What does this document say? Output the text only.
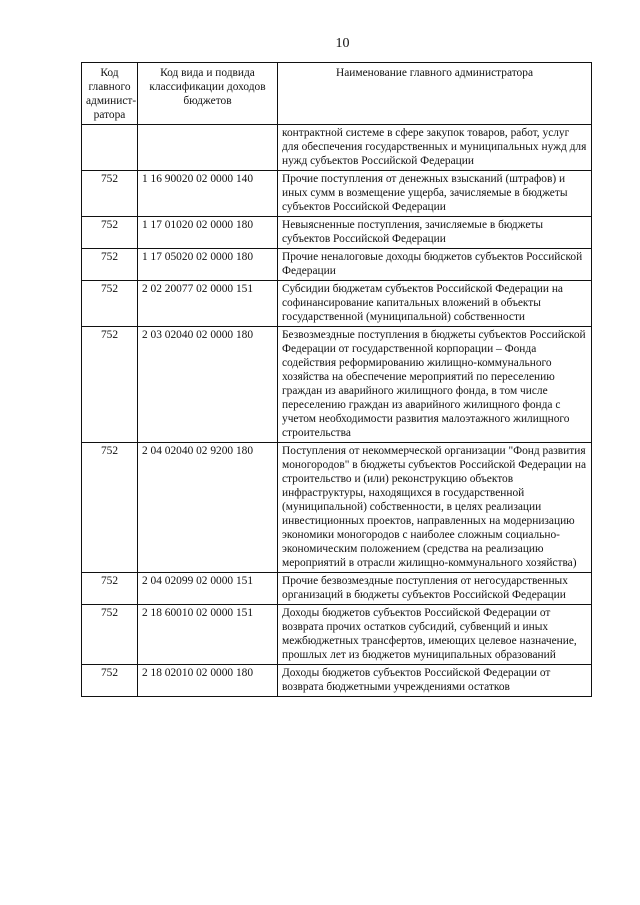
10
Код главного админист-ратора	Код вида и подвида классификации доходов бюджетов	Наименование главного администратора
		контрактной системе в сфере закупок товаров, работ, услуг для обеспечения государственных и муниципальных нужд для нужд субъектов Российской Федерации
752	1 16 90020 02 0000 140	Прочие поступления от денежных взысканий (штрафов) и иных сумм в возмещение ущерба, зачисляемые в бюджеты субъектов Российской Федерации
752	1 17 01020 02 0000 180	Невыясненные поступления, зачисляемые в бюджеты субъектов Российской Федерации
752	1 17 05020 02 0000 180	Прочие неналоговые доходы бюджетов субъектов Российской Федерации
752	2 02 20077 02 0000 151	Субсидии бюджетам субъектов Российской Федерации на софинансирование капитальных вложений в объекты государственной (муниципальной) собственности
752	2 03 02040 02 0000 180	Безвозмездные поступления в бюджеты субъектов Российской Федерации от государственной корпорации – Фонда содействия реформированию жилищно-коммунального хозяйства на обеспечение мероприятий по переселению граждан из аварийного жилищного фонда, в том числе переселению граждан из аварийного жилищного фонда с учетом необходимости развития малоэтажного жилищного строительства
752	2 04 02040 02 9200 180	Поступления от некоммерческой организации "Фонд развития моногородов" в бюджеты субъектов Российской Федерации на строительство и (или) реконструкцию объектов инфраструктуры, находящихся в государственной (муниципальной) собственности, в целях реализации инвестиционных проектов, направленных на модернизацию экономики моногородов с наиболее сложным социально-экономическим положением (средства на реализацию мероприятий в отрасли жилищно-коммунального хозяйства)
752	2 04 02099 02 0000 151	Прочие безвозмездные поступления от негосударственных организаций в бюджеты субъектов Российской Федерации
752	2 18 60010 02 0000 151	Доходы бюджетов субъектов Российской Федерации от возврата прочих остатков субсидий, субвенций и иных межбюджетных трансфертов, имеющих целевое назначение, прошлых лет из бюджетов муниципальных образований
752	2 18 02010 02 0000 180	Доходы бюджетов субъектов Российской Федерации от возврата бюджетными учреждениями остатков
